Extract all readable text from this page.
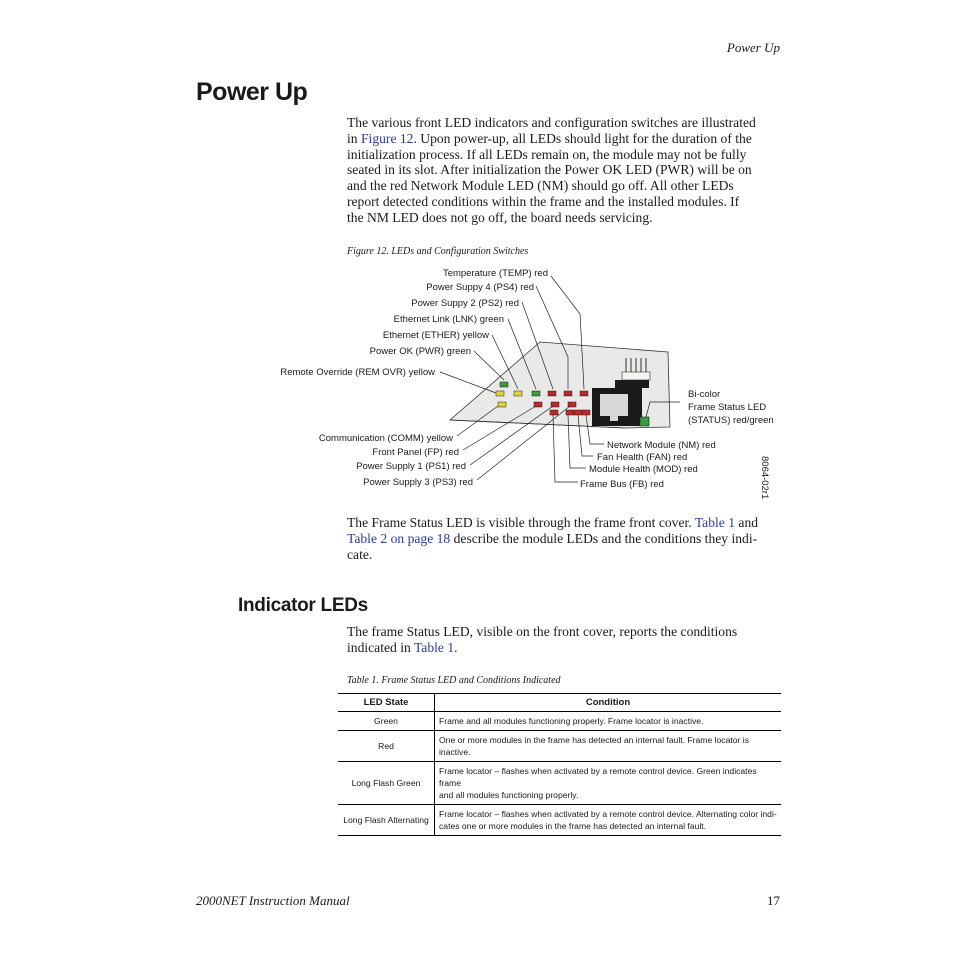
Power Up
Power Up
The various front LED indicators and configuration switches are illustrated
in Figure 12. Upon power-up, all LEDs should light for the duration of the
initialization process. If all LEDs remain on, the module may not be fully
seated in its slot. After initialization the Power OK LED (PWR) will be on
and the red Network Module LED (NM) should go off. All other LEDs
report detected conditions within the frame and the installed modules. If
the NM LED does not go off, the board needs servicing.
Figure 12. LEDs and Configuration Switches
Temperature (TEMP) red
Power Suppy 4 (PS4) red
Power Suppy 2 (PS2) red
Ethernet Link (LNK) green
Ethernet (ETHER) yellow
Power OK (PWR) green
Remote Override (REM OVR) yellow
Communication (COMM) yellow
Front Panel (FP) red
Power Supply 1 (PS1) red
Power Supply 3 (PS3) red
Bi-color
Frame Status LED
(STATUS) red/green
Network Module (NM) red
Fan Health (FAN) red
Module Health (MOD) red
Frame Bus (FB) red	8064-02r1
The Frame Status LED is visible through the frame front cover. Table 1 and
Table 2 on page 18 describe the module LEDs and the conditions they indi-
cate.
Indicator LEDs
The frame Status LED, visible on the front cover, reports the conditions
indicated in Table 1.
Table 1. Frame Status LED and Conditions Indicated
LED State	Condition
Green	Frame and all modules functioning properly. Frame locator is inactive.

Red	One or more modules in the frame has detected an internal fault. Frame locator is inactive.

Long Flash Green	Frame locator – flashes when activated by a remote control device. Green indicates frame
and all modules functioning properly.

Long Flash Alternating	Frame locator – flashes when activated by a remote control device. Alternating color indi-
cates one or more modules in the frame has detected an internal fault.
2000NET Instruction Manual	17
